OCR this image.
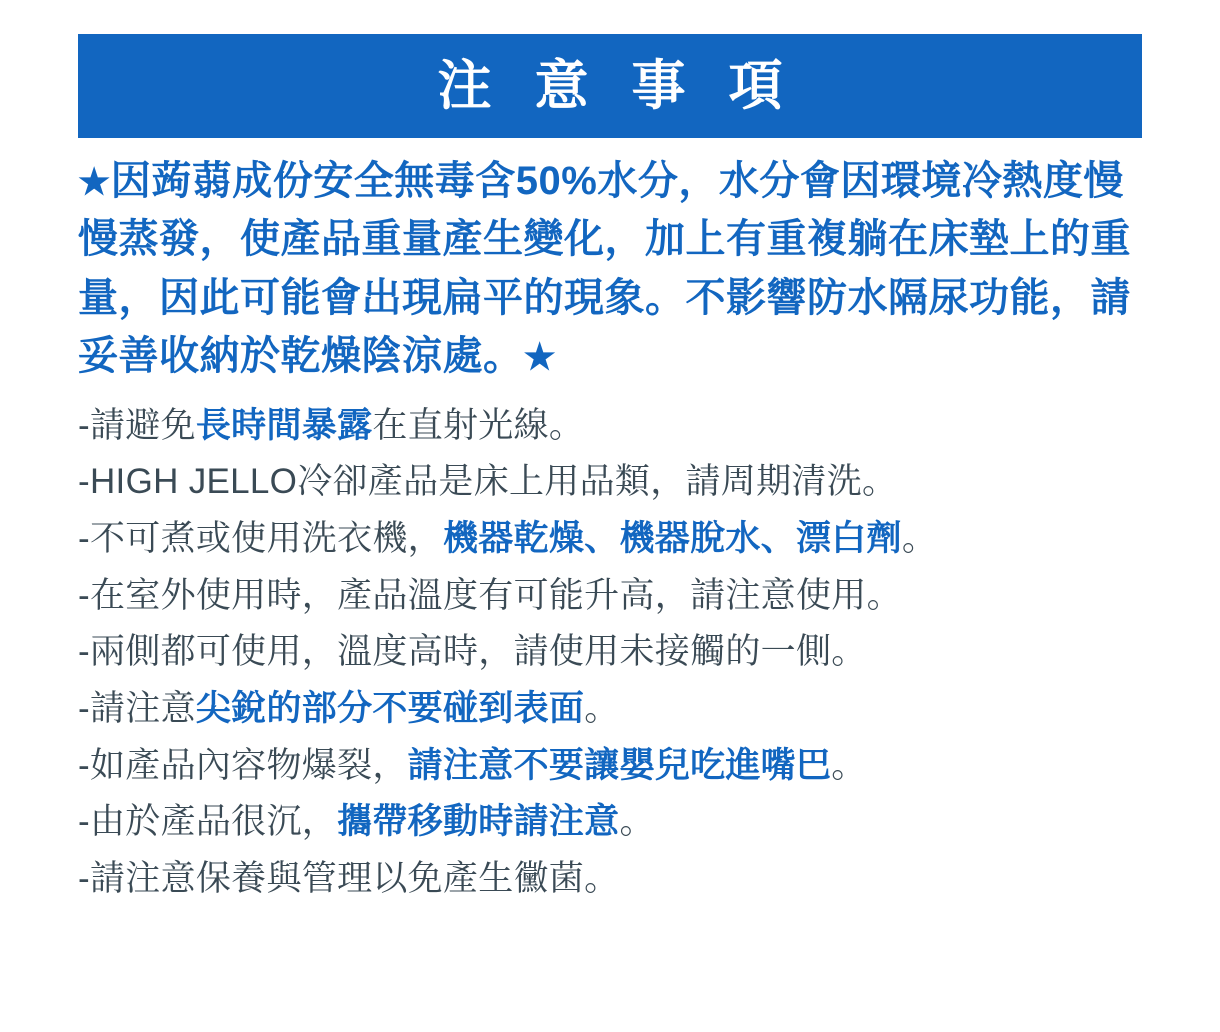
注 意 事 項

★因蒟蒻成份安全無毒含50%水分，水分會因環境冷熱度慢慢蒸發，使產品重量產生變化，加上有重複躺在床墊上的重量，因此可能會出現扁平的現象。不影響防水隔尿功能，請妥善收納於乾燥陰涼處。★

-請避免長時間暴露在直射光線。
-HIGH JELLO冷卻產品是床上用品類，請周期清洗。
-不可煮或使用洗衣機，機器乾燥、機器脫水、漂白劑。
-在室外使用時，產品溫度有可能升高，請注意使用。
-兩側都可使用，溫度高時，請使用未接觸的一側。
-請注意尖銳的部分不要碰到表面。
-如產品內容物爆裂，請注意不要讓嬰兒吃進嘴巴。
-由於產品很沉，攜帶移動時請注意。
-請注意保養與管理以免產生黴菌。
